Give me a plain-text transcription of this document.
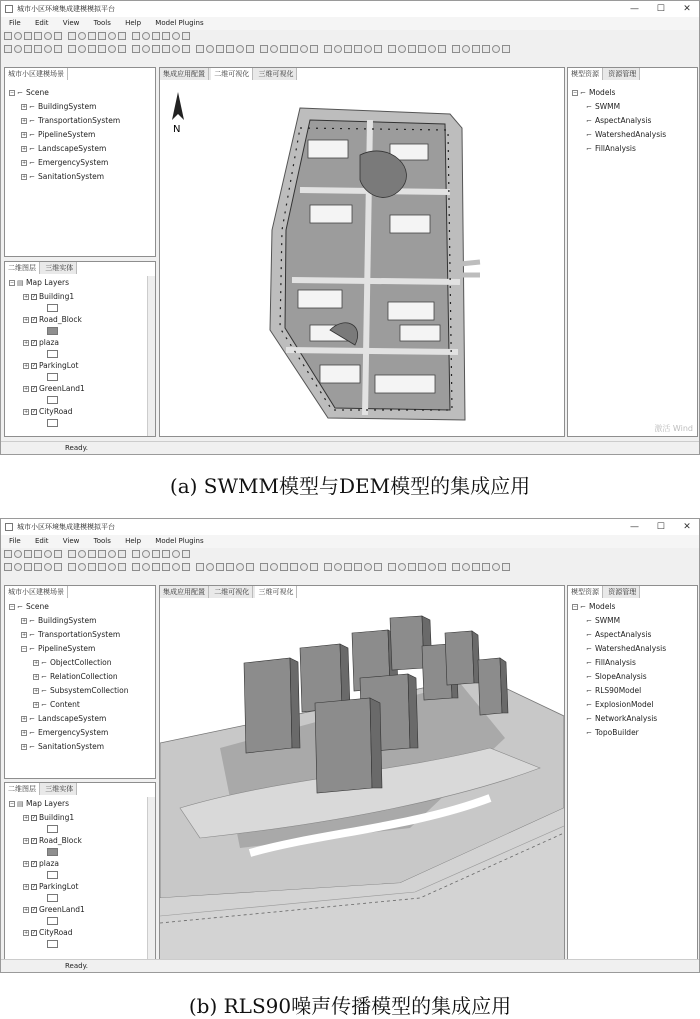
城市小区环境集成建模模拟平台	— ☐ ✕
File Edit View Tools Help Model Plugins
城市小区建模场景
− ⌐ Scene
+ ⌐ BuildingSystem
+ ⌐ TransportationSystem
+ ⌐ PipelineSystem
+ ⌐ LandscapeSystem
+ ⌐ EmergencySystem
+ ⌐ SanitationSystem
二维图层 三维实体
− ▤ Map Layers
+ ✓ Building1
+ ✓ Road_Block
+ ✓ plaza
+ ✓ ParkingLot
+ ✓ GreenLand1
+ ✓ CityRoad
集成应用配置 二维可视化 三维可视化
N
模型资源 资源管理
− ⌐ Models
⌐ SWMM
⌐ AspectAnalysis
⌐ WatershedAnalysis
⌐ FillAnalysis
激活 Wind
Ready.
(a) SWMM模型与DEM模型的集成应用
城市小区环境集成建模模拟平台	— ☐ ✕
File Edit View Tools Help Model Plugins
城市小区建模场景
− ⌐ Scene
+ ⌐ BuildingSystem
+ ⌐ TransportationSystem
− ⌐ PipelineSystem
+ ⌐ ObjectCollection
+ ⌐ RelationCollection
+ ⌐ SubsystemCollection
+ ⌐ Content
+ ⌐ LandscapeSystem
+ ⌐ EmergencySystem
+ ⌐ SanitationSystem
二维图层 三维实体
− ▤ Map Layers
+ ✓ Building1
+ ✓ Road_Block
+ ✓ plaza
+ ✓ ParkingLot
+ ✓ GreenLand1
+ ✓ CityRoad
集成应用配置 二维可视化 三维可视化	模型资源 资源管理
− ⌐ Models
⌐ SWMM
⌐ AspectAnalysis
⌐ WatershedAnalysis
⌐ FillAnalysis
⌐ SlopeAnalysis
⌐ RLS90Model
⌐ ExplosionModel
⌐ NetworkAnalysis
⌐ TopoBuilder
Ready.
(b) RLS90噪声传播模型的集成应用
